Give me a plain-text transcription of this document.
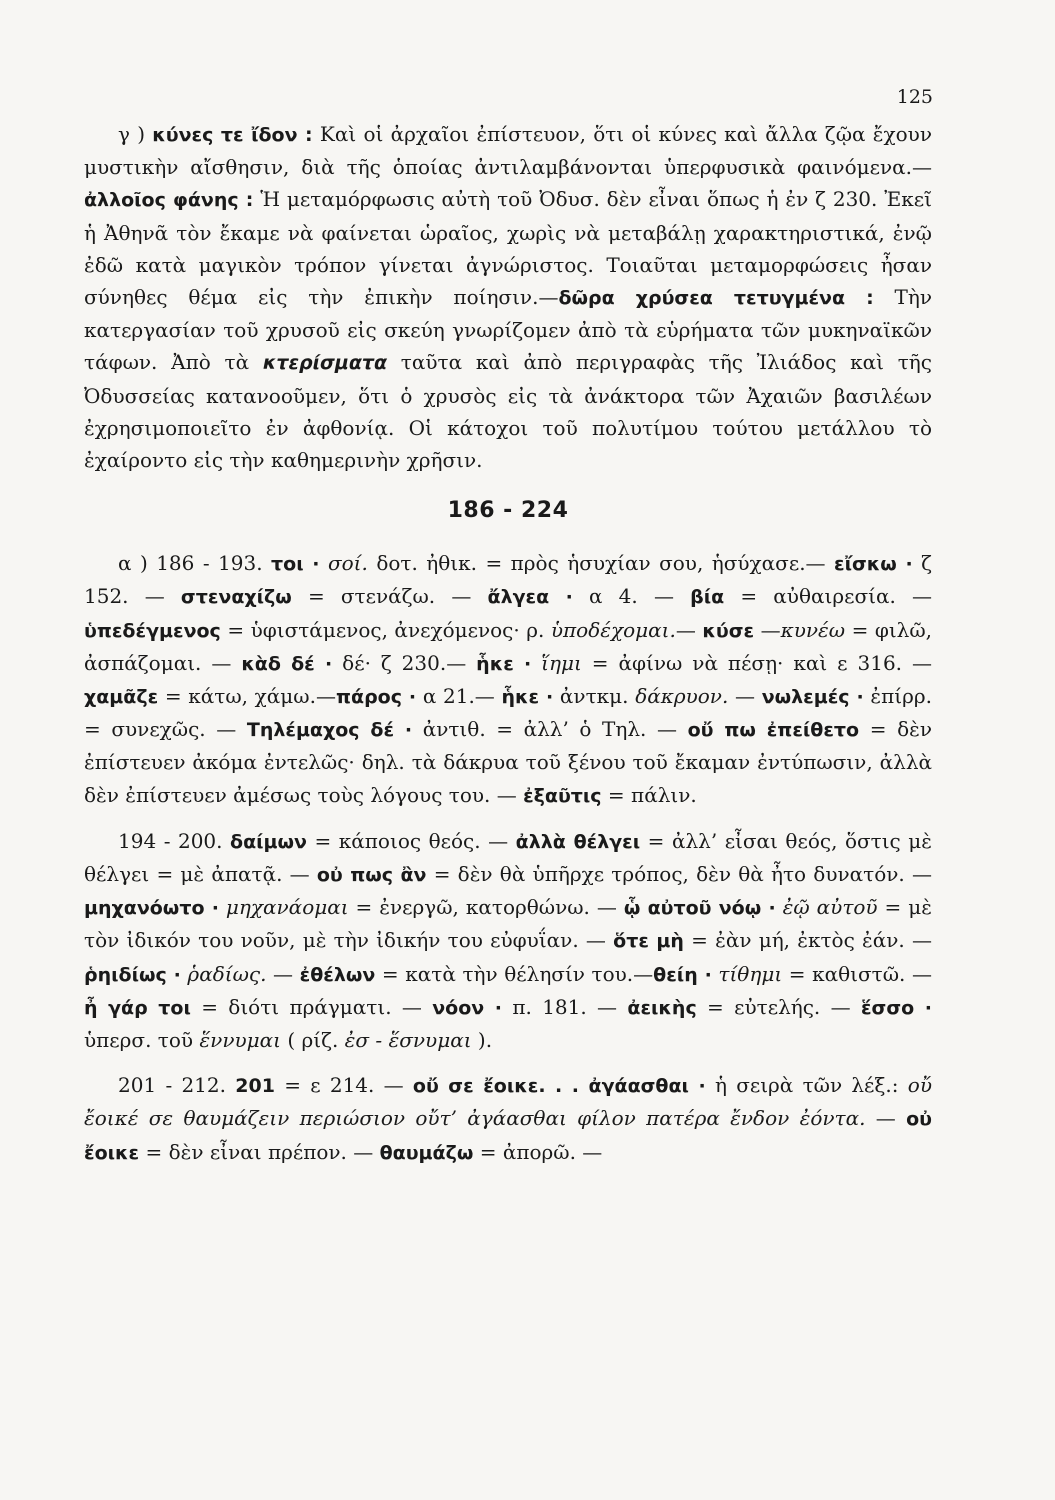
125

γ ) κύνες τε ἴδον : Καὶ οἱ ἀρχαῖοι ἐπίστευον, ὅτι οἱ κύνες καὶ ἄλλα ζῷα ἔχουν μυστικὴν αἴσθησιν, διὰ τῆς ὁποίας ἀντιλαμβάνονται ὑπερφυσικὰ φαινόμενα.—ἀλλοῖος φάνης : Ἡ μεταμόρφωσις αὐτὴ τοῦ Ὀδυσ. δὲν εἶναι ὅπως ἡ ἐν ζ 230. Ἐκεῖ ἡ Ἀθηνᾶ τὸν ἔκαμε νὰ φαίνεται ὡραῖος, χωρὶς νὰ μεταβάλῃ χαρακτηριστικά, ἐνῷ ἐδῶ κατὰ μαγικὸν τρόπον γίνεται ἀγνώριστος. Τοιαῦται μεταμορφώσεις ἦσαν σύνηθες θέμα εἰς τὴν ἐπικὴν ποίησιν.—δῶρα χρύσεα τετυγμένα : Τὴν κατεργασίαν τοῦ χρυσοῦ εἰς σκεύη γνωρίζομεν ἀπὸ τὰ εὑρήματα τῶν μυκηναϊκῶν τάφων. Ἀπὸ τὰ κτερίσματα ταῦτα καὶ ἀπὸ περιγραφὰς τῆς Ἰλιάδος καὶ τῆς Ὀδυσσείας κατανοοῦμεν, ὅτι ὁ χρυσὸς εἰς τὰ ἀνάκτορα τῶν Ἀχαιῶν βασιλέων ἐχρησιμοποιεῖτο ἐν ἀφθονίᾳ. Οἱ κάτοχοι τοῦ πολυτίμου τούτου μετάλλου τὸ ἐχαίροντο εἰς τὴν καθημερινὴν χρῆσιν.

186 - 224

α ) 186 - 193. τοι · σοί. δοτ. ἠθικ. = πρὸς ἡσυχίαν σου, ἡσύχασε.— εἴσκω · ζ 152. — στεναχίζω = στενάζω. — ἄλγεα · α 4. — βία = αὐθαιρεσία. — ὑπεδέγμενος = ὑφιστάμενος, ἀνεχόμενος· ρ. ὑποδέχομαι.— κύσε —κυνέω = φιλῶ, ἀσπάζομαι. — κὰδ δέ · δέ· ζ 230.— ἧκε · ἵημι = ἀφίνω νὰ πέσῃ· καὶ ε 316. — χαμᾶζε = κάτω, χάμω.—πάρος · α 21.— ἧκε · ἀντκμ. δάκρυον. — νωλεμές · ἐπίρρ. = συνεχῶς. — Τηλέμαχος δέ · ἀντιθ. = ἀλλ’ ὁ Τηλ. — οὔ πω ἐπείθετο = δὲν ἐπίστευεν ἀκόμα ἐντελῶς· δηλ. τὰ δάκρυα τοῦ ξένου τοῦ ἔκαμαν ἐντύπωσιν, ἀλλὰ δὲν ἐπίστευεν ἀμέσως τοὺς λόγους του. — ἐξαῦτις = πάλιν.

194 - 200. δαίμων = κάποιος θεός. — ἀλλὰ θέλγει = ἀλλ’ εἶσαι θεός, ὅστις μὲ θέλγει = μὲ ἀπατᾷ. — οὐ πως ἂν = δὲν θὰ ὑπῆρχε τρόπος, δὲν θὰ ἦτο δυνατόν. — μηχανόωτο · μηχανάομαι = ἐνεργῶ, κατορθώνω. — ᾧ αὐτοῦ νόῳ · ἐῷ αὐτοῦ = μὲ τὸν ἰδικόν του νοῦν, μὲ τὴν ἰδικήν του εὐφυΐαν. — ὅτε μὴ = ἐὰν μή, ἐκτὸς ἐάν. — ῥηιδίως · ῥαδίως. — ἐθέλων = κατὰ τὴν θέλησίν του.—θείη · τίθημι = καθιστῶ. — ἦ γάρ τοι = διότι πράγματι. — νόον · π. 181. — ἀεικὴς = εὐτελής. — ἕσσο · ὑπερσ. τοῦ ἕννυμαι ( ρίζ. ἐσ - ἕσνυμαι ).

201 - 212. 201 = ε 214. — οὔ σε ἔοικε. . . ἀγάασθαι · ἡ σειρὰ τῶν λέξ.: οὔ ἔοικέ σε θαυμάζειν περιώσιον οὔτ’ ἀγάασθαι φίλον πατέρα ἔνδον ἐόντα. — οὐ ἔοικε = δὲν εἶναι πρέπον. — θαυμάζω = ἀπορῶ. —
